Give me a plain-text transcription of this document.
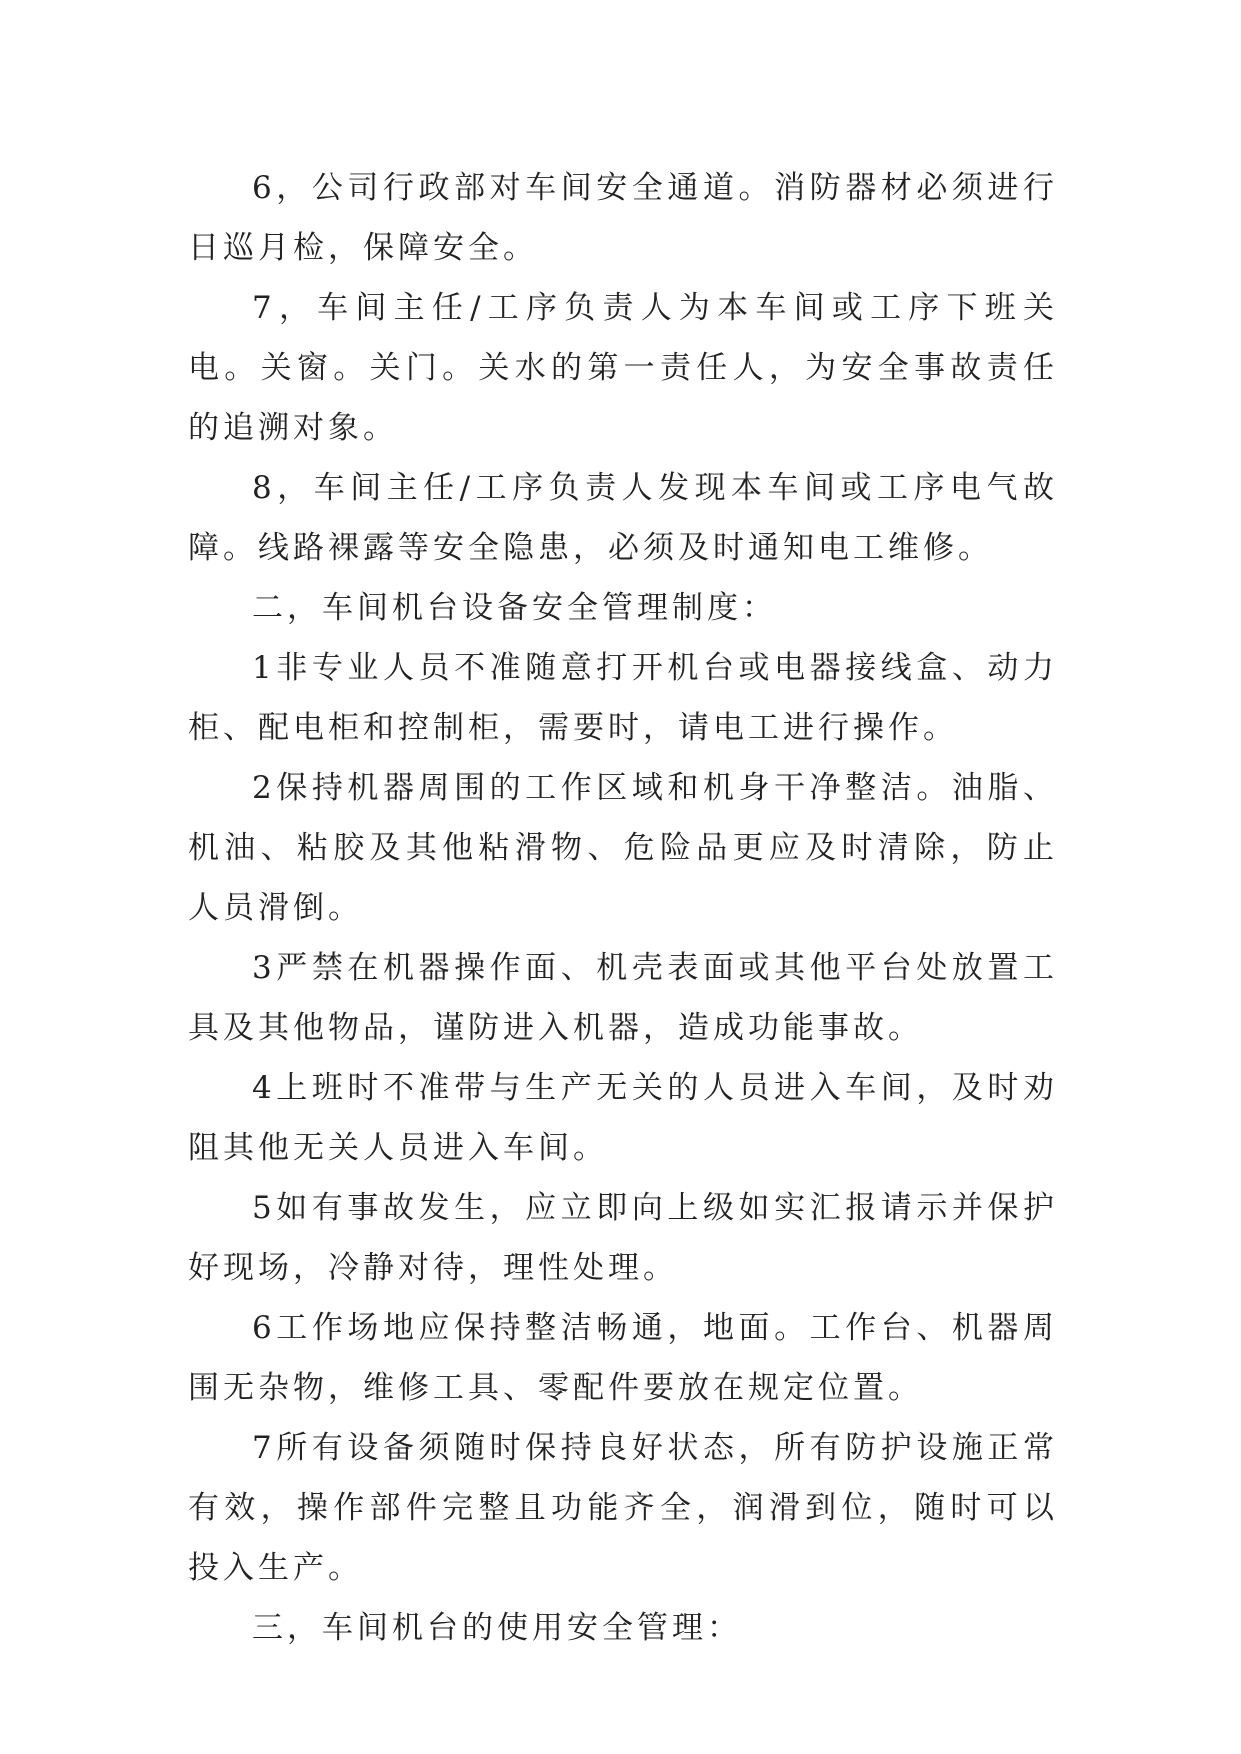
6，公司行政部对车间安全通道。消防器材必须进行日巡月检，保障安全。

7，车间主任/工序负责人为本车间或工序下班关电。关窗。关门。关水的第一责任人，为安全事故责任的追溯对象。

8，车间主任/工序负责人发现本车间或工序电气故障。线路裸露等安全隐患，必须及时通知电工维修。

二，车间机台设备安全管理制度：

1非专业人员不准随意打开机台或电器接线盒、动力柜、配电柜和控制柜，需要时，请电工进行操作。

2保持机器周围的工作区域和机身干净整洁。油脂、机油、粘胶及其他粘滑物、危险品更应及时清除，防止人员滑倒。

3严禁在机器操作面、机壳表面或其他平台处放置工具及其他物品，谨防进入机器，造成功能事故。

4上班时不准带与生产无关的人员进入车间，及时劝阻其他无关人员进入车间。

5如有事故发生，应立即向上级如实汇报请示并保护好现场，冷静对待，理性处理。

6工作场地应保持整洁畅通，地面。工作台、机器周围无杂物，维修工具、零配件要放在规定位置。

7所有设备须随时保持良好状态，所有防护设施正常有效，操作部件完整且功能齐全，润滑到位，随时可以投入生产。

三，车间机台的使用安全管理：
